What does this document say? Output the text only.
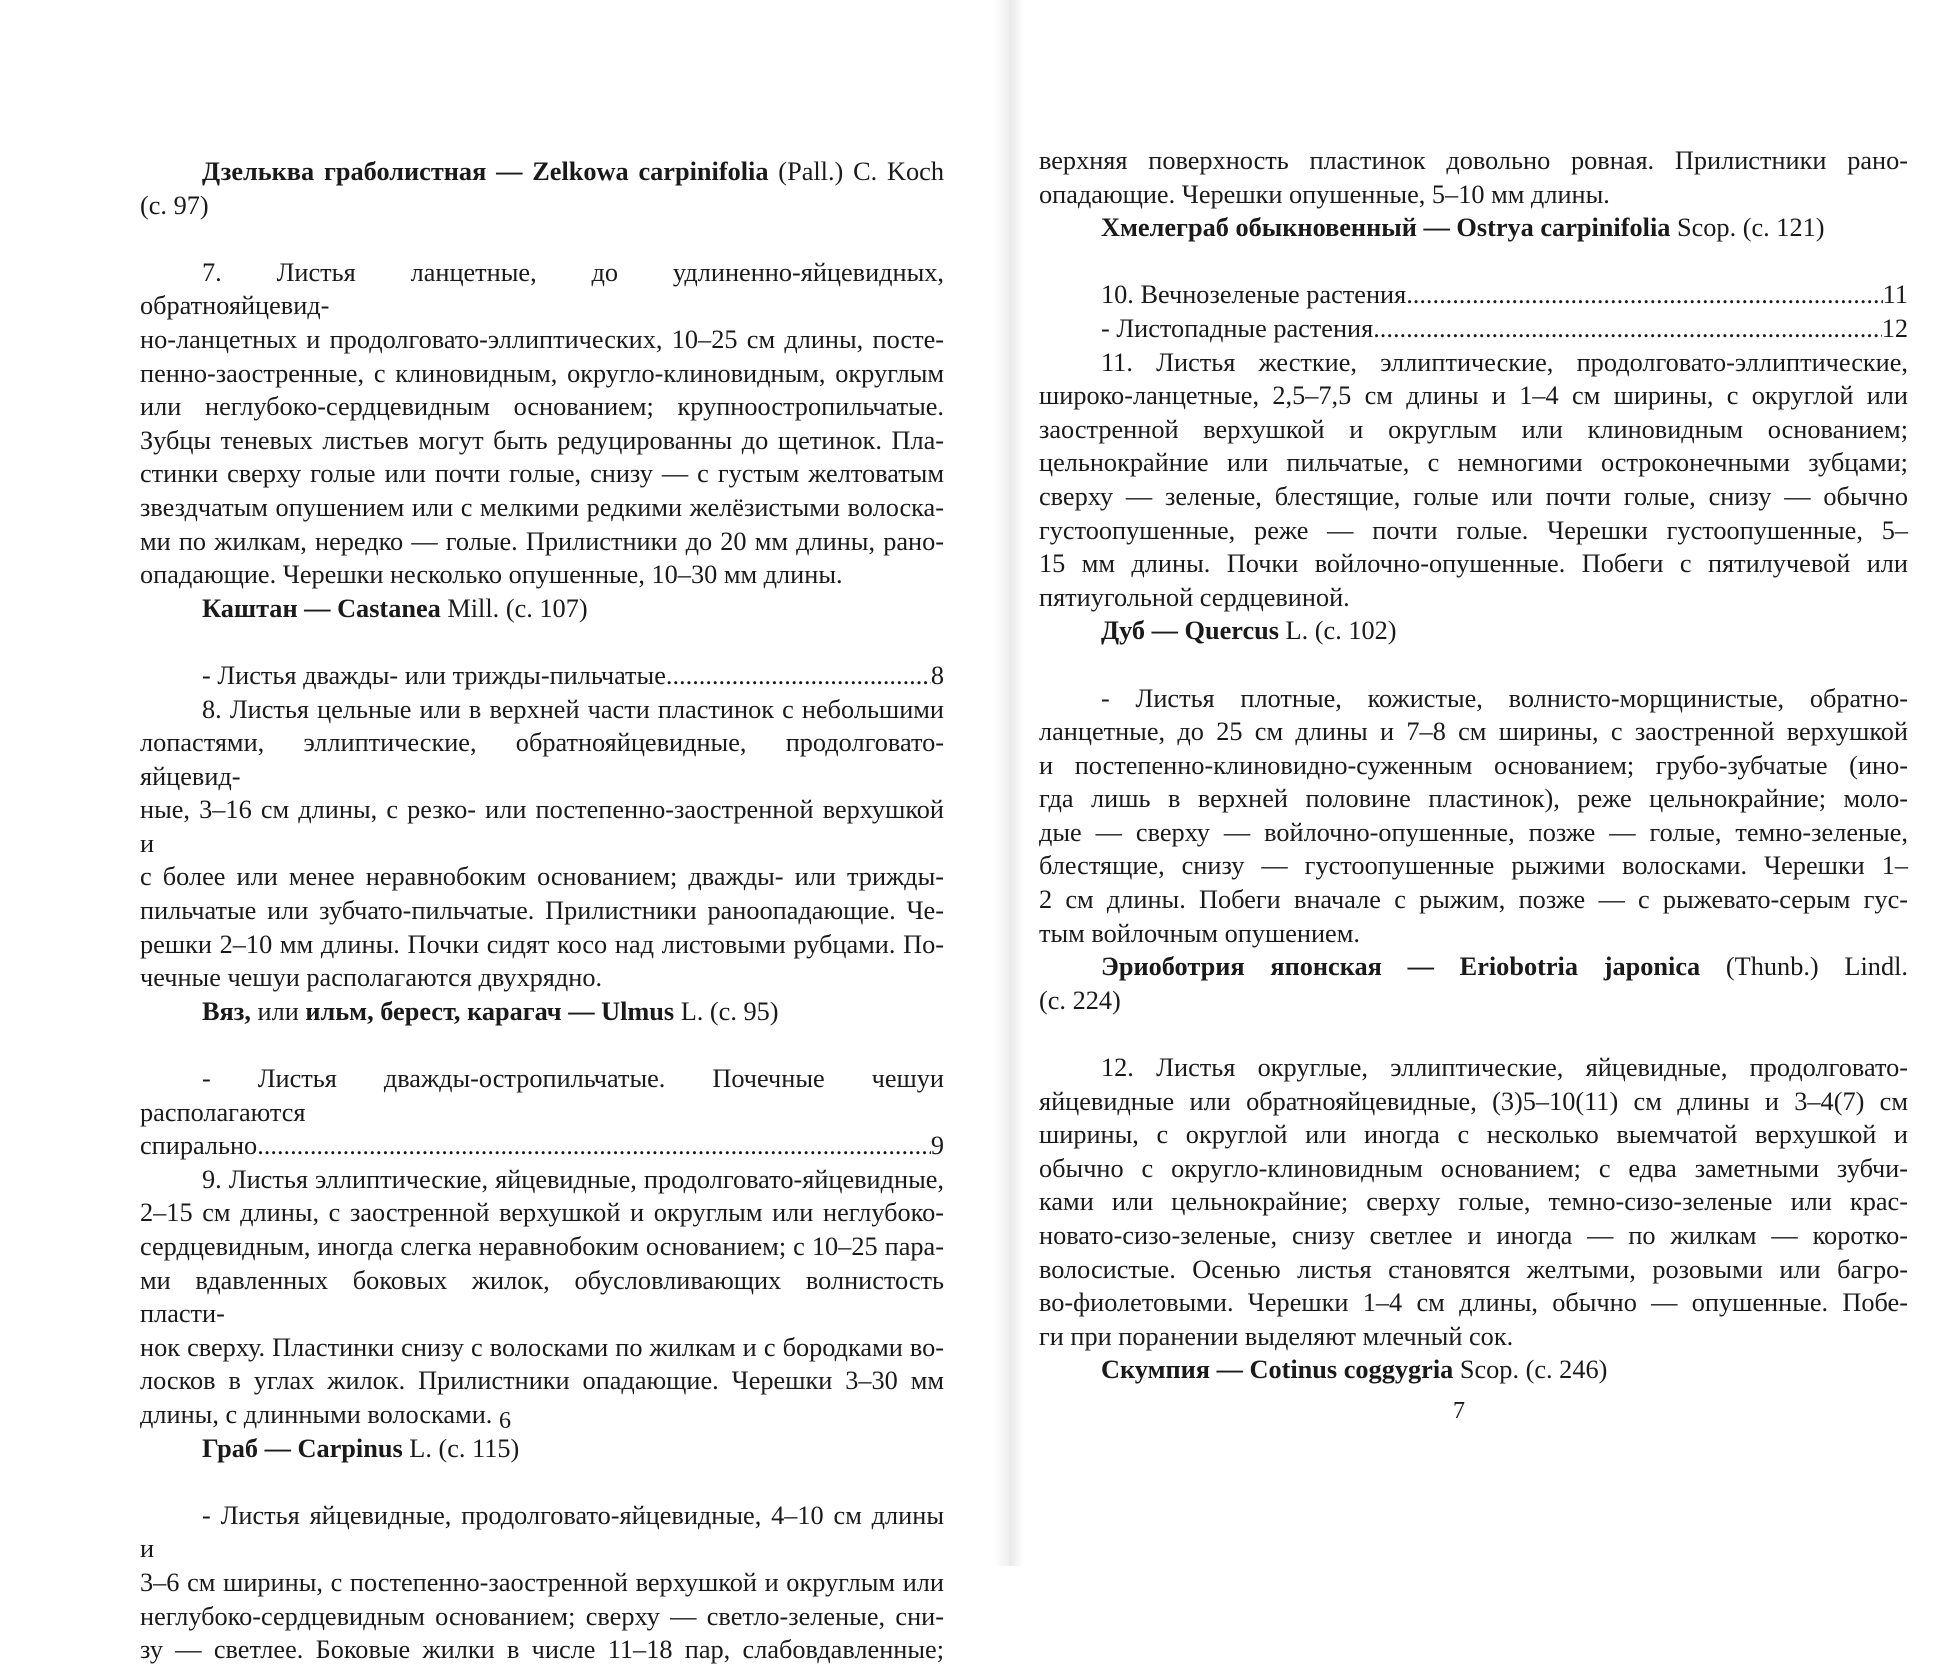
Дзельква граболистная — Zelkowa carpinifolia (Pall.) C. Koch

(с. 97)

7. Листья ланцетные, до удлиненно-яйцевидных, обратнояйцевид-

но-ланцетных и продолговато-эллиптических, 10–25 см длины, посте-

пенно-заостренные, с клиновидным, округло-клиновидным, округлым

или неглубоко-сердцевидным основанием; крупноостропильчатые.

Зубцы теневых листьев могут быть редуцированны до щетинок. Пла-

стинки сверху голые или почти голые, снизу — с густым желтоватым

звездчатым опушением или с мелкими редкими желёзистыми волоска-

ми по жилкам, нередко — голые. Прилистники до 20 мм длины, рано-

опадающие. Черешки несколько опушенные, 10–30 мм длины.

Каштан — Castanea Mill. (с. 107)

- Листья дважды- или трижды-пильчатые .....	8

8. Листья цельные или в верхней части пластинок с небольшими

лопастями, эллиптические, обратнояйцевидные, продолговато-яйцевид-

ные, 3–16 см длины, с резко- или постепенно-заостренной верхушкой и

с более или менее неравнобоким основанием; дважды- или трижды-

пильчатые или зубчато-пильчатые. Прилистники раноопадающие. Че-

решки 2–10 мм длины. Почки сидят косо над листовыми рубцами. По-

чечные чешуи располагаются двухрядно.

Вяз, или ильм, берест, карагач — Ulmus L. (с. 95)

- Листья дважды-остропильчатые. Почечные чешуи располагаются

спирально .....	9

9. Листья эллиптические, яйцевидные, продолговато-яйцевидные,

2–15 см длины, с заостренной верхушкой и округлым или неглубоко-

сердцевидным, иногда слегка неравнобоким основанием; с 10–25 пара-

ми вдавленных боковых жилок, обусловливающих волнистость пласти-

нок сверху. Пластинки снизу с волосками по жилкам и с бородками во-

лосков в углах жилок. Прилистники опадающие. Черешки 3–30 мм

длины, с длинными волосками.

Граб — Carpinus L. (с. 115)

- Листья яйцевидные, продолговато-яйцевидные, 4–10 см длины и

3–6 см ширины, с постепенно-заостренной верхушкой и округлым или

неглубоко-сердцевидным основанием; сверху — светло-зеленые, сни-

зу — светлее. Боковые жилки в числе 11–18 пар, слабовдавленные;

6

верхняя поверхность пластинок довольно ровная. Прилистники рано-

опадающие. Черешки опушенные, 5–10 мм длины.

Хмелеграб обыкновенный — Ostrya carpinifolia Scop. (с. 121)

10. Вечнозеленые растения .....	11
- Листопадные растения .....	12

11. Листья жесткие, эллиптические, продолговато-эллиптические,

широко-ланцетные, 2,5–7,5 см длины и 1–4 см ширины, с округлой или

заостренной верхушкой и округлым или клиновидным основанием;

цельнокрайние или пильчатые, с немногими остроконечными зубцами;

сверху — зеленые, блестящие, голые или почти голые, снизу — обычно

густоопушенные, реже — почти голые. Черешки густоопушенные, 5–

15 мм длины. Почки войлочно-опушенные. Побеги с пятилучевой или

пятиугольной сердцевиной.

Дуб — Quercus L. (с. 102)

- Листья плотные, кожистые, волнисто-морщинистые, обратно-

ланцетные, до 25 см длины и 7–8 см ширины, с заостренной верхушкой

и постепенно-клиновидно-суженным основанием; грубо-зубчатые (ино-

гда лишь в верхней половине пластинок), реже цельнокрайние; моло-

дые — сверху — войлочно-опушенные, позже — голые, темно-зеленые,

блестящие, снизу — густоопушенные рыжими волосками. Черешки 1–

2 см длины. Побеги вначале с рыжим, позже — с рыжевато-серым гус-

тым войлочным опушением.

Эриоботрия японская — Eriobotria japonica (Thunb.) Lindl.

(с. 224)

12. Листья округлые, эллиптические, яйцевидные, продолговато-

яйцевидные или обратнояйцевидные, (3)5–10(11) см длины и 3–4(7) см

ширины, с округлой или иногда с несколько выемчатой верхушкой и

обычно с округло-клиновидным основанием; с едва заметными зубчи-

ками или цельнокрайние; сверху голые, темно-сизо-зеленые или крас-

новато-сизо-зеленые, снизу светлее и иногда — по жилкам — коротко-

волосистые. Осенью листья становятся желтыми, розовыми или багро-

во-фиолетовыми. Черешки 1–4 см длины, обычно — опушенные. Побе-

ги при поранении выделяют млечный сок.

Скумпия — Cotinus coggygria Scop. (с. 246)

7
